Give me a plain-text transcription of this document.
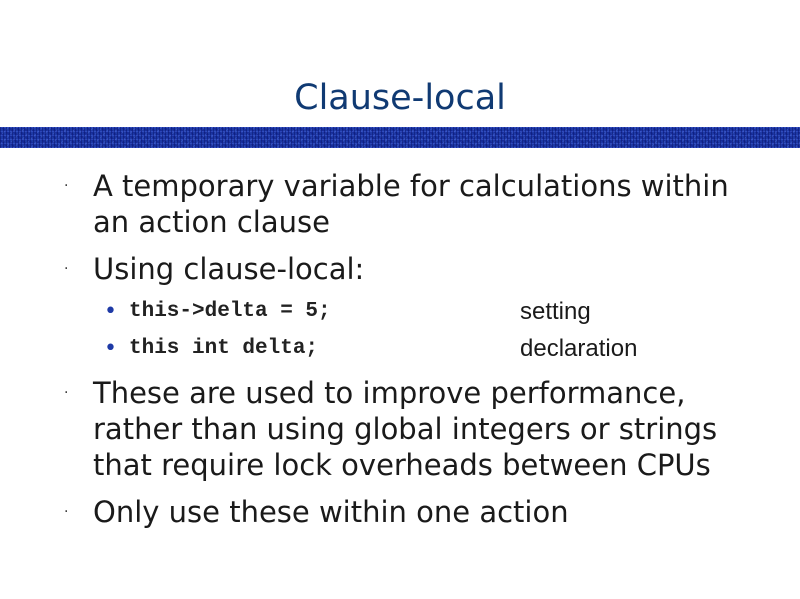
Clause-local
· A temporary variable for calculations within
an action clause
· Using clause-local:
• this->delta = 5;	setting
• this int delta;	declaration
· These are used to improve performance,
rather than using global integers or strings
that require lock overheads between CPUs
· Only use these within one action
